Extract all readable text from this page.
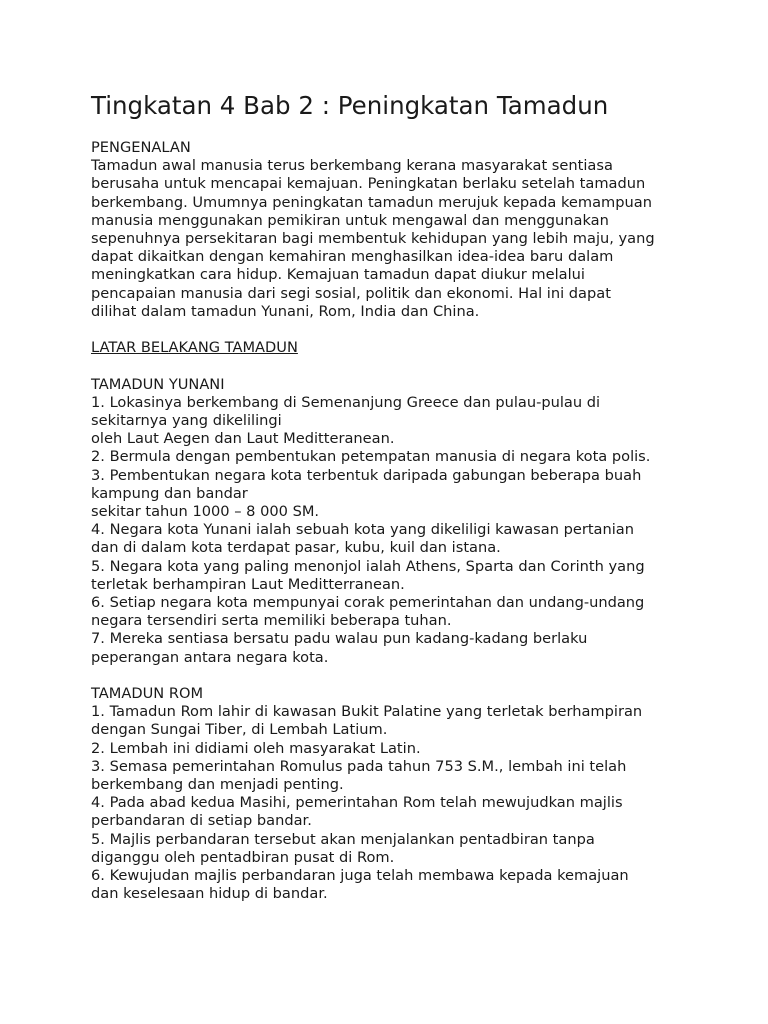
Tingkatan 4 Bab 2 : Peningkatan Tamadun
PENGENALAN
Tamadun awal manusia terus berkembang kerana masyarakat sentiasa
berusaha untuk mencapai kemajuan. Peningkatan berlaku setelah tamadun
berkembang. Umumnya peningkatan tamadun merujuk kepada kemampuan
manusia menggunakan pemikiran untuk mengawal dan menggunakan
sepenuhnya persekitaran bagi membentuk kehidupan yang lebih maju, yang
dapat dikaitkan dengan kemahiran menghasilkan idea-idea baru dalam
meningkatkan cara hidup. Kemajuan tamadun dapat diukur melalui
pencapaian manusia dari segi sosial, politik dan ekonomi. Hal ini dapat
dilihat dalam tamadun Yunani, Rom, India dan China.
LATAR BELAKANG TAMADUN
TAMADUN YUNANI
1. Lokasinya berkembang di Semenanjung Greece dan pulau-pulau di
sekitarnya yang dikelilingi
oleh Laut Aegen dan Laut Meditteranean.
2. Bermula dengan pembentukan petempatan manusia di negara kota polis.
3. Pembentukan negara kota terbentuk daripada gabungan beberapa buah
kampung dan bandar
sekitar tahun 1000 – 8 000 SM.
4. Negara kota Yunani ialah sebuah kota yang dikeliligi kawasan pertanian
dan di dalam kota terdapat pasar, kubu, kuil dan istana.
5. Negara kota yang paling menonjol ialah Athens, Sparta dan Corinth yang
terletak berhampiran Laut Meditterranean.
6. Setiap negara kota mempunyai corak pemerintahan dan undang-undang
negara tersendiri serta memiliki beberapa tuhan.
7. Mereka sentiasa bersatu padu walau pun kadang-kadang berlaku
peperangan antara negara kota.
TAMADUN ROM
1. Tamadun Rom lahir di kawasan Bukit Palatine yang terletak berhampiran
dengan Sungai Tiber, di Lembah Latium.
2. Lembah ini didiami oleh masyarakat Latin.
3. Semasa pemerintahan Romulus pada tahun 753 S.M., lembah ini telah
berkembang dan menjadi penting.
4. Pada abad kedua Masihi, pemerintahan Rom telah mewujudkan majlis
perbandaran di setiap bandar.
5. Majlis perbandaran tersebut akan menjalankan pentadbiran tanpa
diganggu oleh pentadbiran pusat di Rom.
6. Kewujudan majlis perbandaran juga telah membawa kepada kemajuan
dan keselesaan hidup di bandar.
